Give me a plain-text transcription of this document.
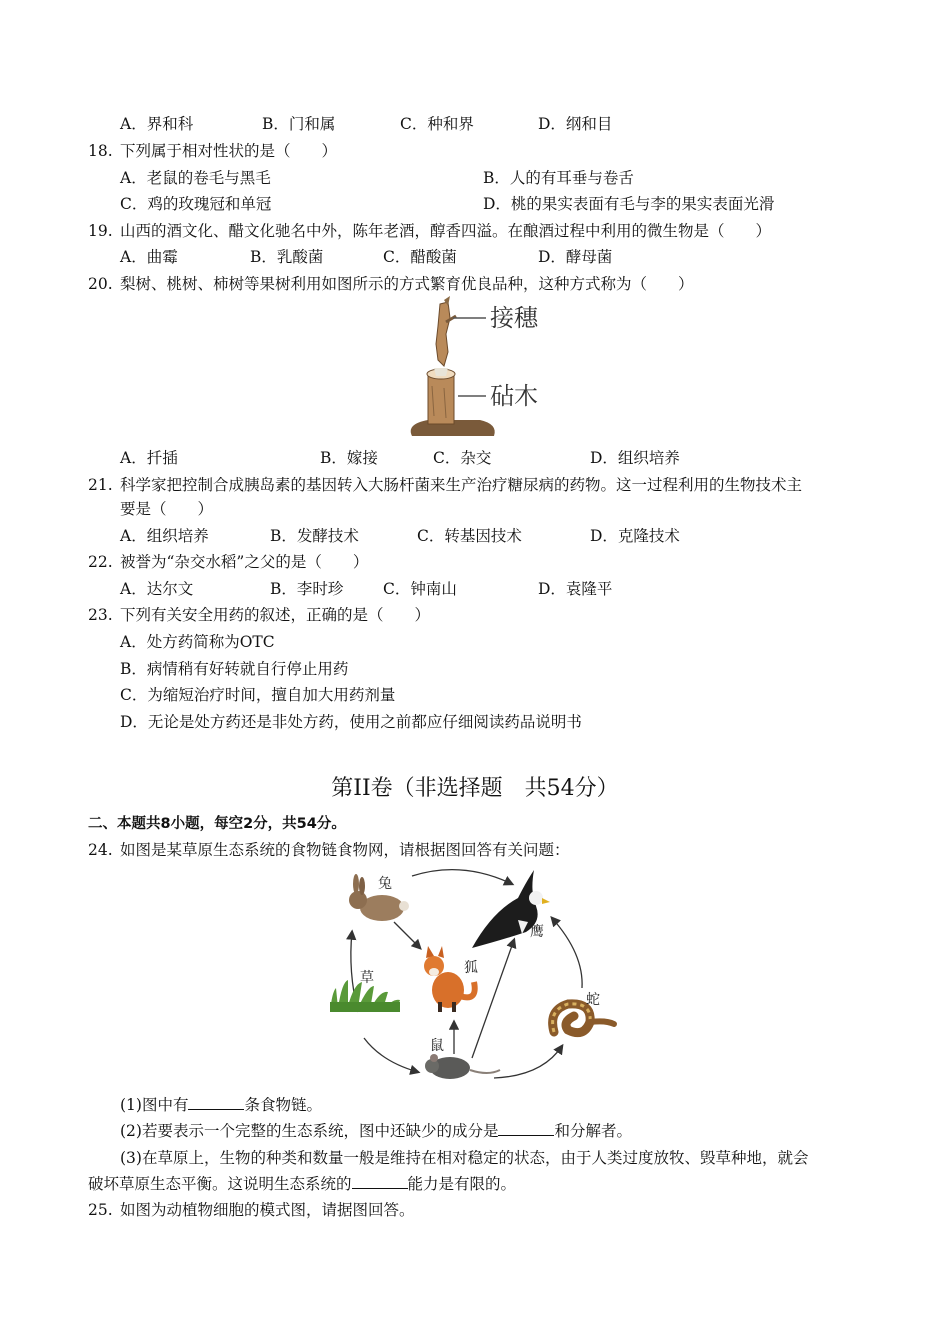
A．界和科	B．门和属	C．种和界	D．纲和目
18. 下列属于相对性状的是（　　）
A．老鼠的卷毛与黑毛	B．人的有耳垂与卷舌
C．鸡的玫瑰冠和单冠	D．桃的果实表面有毛与李的果实表面光滑
19. 山西的酒文化、醋文化驰名中外，陈年老酒，醇香四溢。在酿酒过程中利用的微生物是（　　）
A．曲霉	B．乳酸菌	C．醋酸菌	D．酵母菌
20. 梨树、桃树、柿树等果树利用如图所示的方式繁育优良品种，这种方式称为（　　）
接穗
砧木
A．扦插	B．嫁接	C．杂交	D．组织培养
21. 科学家把控制合成胰岛素的基因转入大肠杆菌来生产治疗糖尿病的药物。这一过程利用的生物技术主
要是（　　）
A．组织培养	B．发酵技术	C．转基因技术	D．克隆技术
22. 被誉为“杂交水稻”之父的是（　　）
A．达尔文	B．李时珍	C．钟南山	D．袁隆平
23. 下列有关安全用药的叙述，正确的是（　　）
A．处方药简称为OTC
B．病情稍有好转就自行停止用药
C．为缩短治疗时间，擅自加大用药剂量
D．无论是处方药还是非处方药，使用之前都应仔细阅读药品说明书
第II卷（非选择题　共54分）
二、本题共8小题，每空2分，共54分。
24. 如图是某草原生态系统的食物链食物网，请根据图回答有关问题：
兔
鹰
草
狐
蛇
鼠
(1)图中有	条食物链。
(2)若要表示一个完整的生态系统，图中还缺少的成分是	和分解者。
(3)在草原上，生物的种类和数量一般是维持在相对稳定的状态，由于人类过度放牧、毁草种地，就会
破坏草原生态平衡。这说明生态系统的	能力是有限的。
25. 如图为动植物细胞的模式图，请据图回答。
